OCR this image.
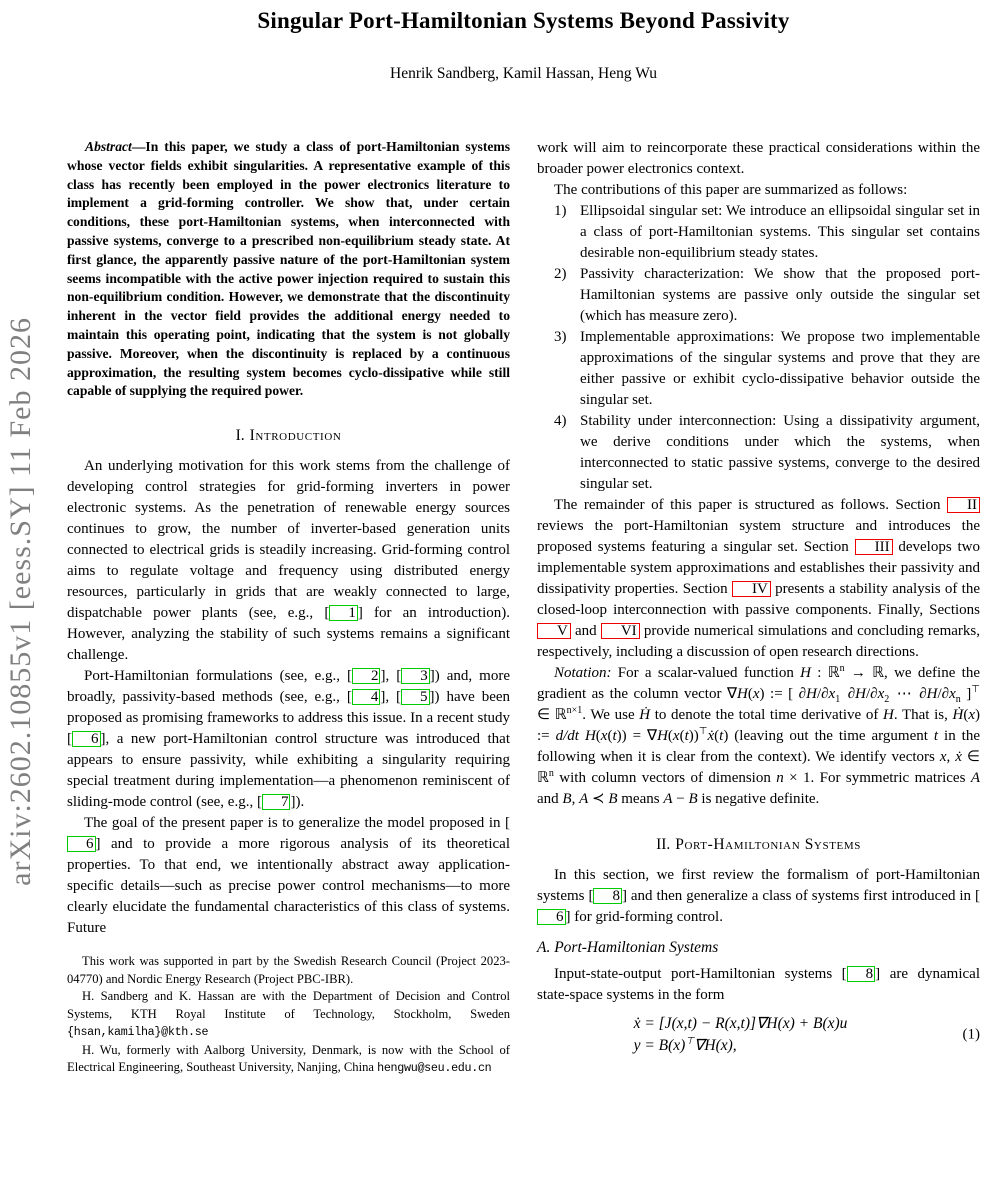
arXiv:2602.10855v1 [eess.SY] 11 Feb 2026
Singular Port-Hamiltonian Systems Beyond Passivity
Henrik Sandberg, Kamil Hassan, Heng Wu

Abstract—In this paper, we study a class of port-Hamiltonian systems whose vector fields exhibit singularities. A representative example of this class has recently been employed in the power electronics literature to implement a grid-forming controller. We show that, under certain conditions, these port-Hamiltonian systems, when interconnected with passive systems, converge to a prescribed non-equilibrium steady state. At first glance, the apparently passive nature of the port-Hamiltonian system seems incompatible with the active power injection required to sustain this non-equilibrium condition. However, we demonstrate that the discontinuity inherent in the vector field provides the additional energy needed to maintain this operating point, indicating that the system is not globally passive. Moreover, when the discontinuity is replaced by a continuous approximation, the resulting system becomes cyclo-dissipative while still capable of supplying the required power.

I. Introduction

An underlying motivation for this work stems from the challenge of developing control strategies for grid-forming inverters in power electronic systems. As the penetration of renewable energy sources continues to grow, the number of inverter-based generation units connected to electrical grids is steadily increasing. Grid-forming control aims to regulate voltage and frequency using distributed energy resources, particularly in grids that are weakly connected to large, dispatchable power plants (see, e.g., [ 1 ] for an introduction). However, analyzing the stability of such systems remains a significant challenge.

Port-Hamiltonian formulations (see, e.g., [ 2 ], [ 3 ]) and, more broadly, passivity-based methods (see, e.g., [ 4 ], [ 5 ]) have been proposed as promising frameworks to address this issue. In a recent study [ 6 ], a new port-Hamiltonian control structure was introduced that appears to ensure passivity, while exhibiting a singularity requiring special treatment during implementation—a phenomenon reminiscent of sliding-mode control (see, e.g., [ 7 ]).

The goal of the present paper is to generalize the model proposed in [6 ] and to provide a more rigorous analysis of its theoretical properties. To that end, we intentionally abstract away application-specific details—such as precise power control mechanisms—to more clearly elucidate the fundamental characteristics of this class of systems. Future

This work was supported in part by the Swedish Research Council (Project 2023-04770) and Nordic Energy Research (Project PBC-IBR).

H. Sandberg and K. Hassan are with the Department of Decision and Control Systems, KTH Royal Institute of Technology, Stockholm, Sweden {hsan,kamilha}@kth.se

H. Wu, formerly with Aalborg University, Denmark, is now with the School of Electrical Engineering, Southeast University, Nanjing, China hengwu@seu.edu.cn

work will aim to reincorporate these practical considerations within the broader power electronics context.

The contributions of this paper are summarized as follows:

1) Ellipsoidal singular set: We introduce an ellipsoidal singular set in a class of port-Hamiltonian systems. This singular set contains desirable non-equilibrium steady states.
2) Passivity characterization: We show that the proposed port-Hamiltonian systems are passive only outside the singular set (which has measure zero).
3) Implementable approximations: We propose two implementable approximations of the singular systems and prove that they are either passive or exhibit cyclo-dissipative behavior outside the singular set.
4) Stability under interconnection: Using a dissipativity argument, we derive conditions under which the systems, when interconnected to static passive systems, converge to the desired singular set.

The remainder of this paper is structured as follows. Section II reviews the port-Hamiltonian system structure and introduces the proposed systems featuring a singular set. Section III develops two implementable system approximations and establishes their passivity and dissipativity properties. Section IV presents a stability analysis of the closed-loop interconnection with passive components. Finally, Sections V and VI provide numerical simulations and concluding remarks, respectively, including a discussion of open research directions.

Notation: For a scalar-valued function H : ℝ$^n$ → ℝ, we define the gradient as the column vector ∇H(x) := [ $\partial H/\partial x_1$ $\partial H/\partial x_2$ ⋯ $\partial H/\partial x_n$ ]⊤ ∈ ℝ$^{n\times 1}$. We use Ḣ to denote the total time derivative of H. That is, Ḣ(x) := d/dt H(x(t)) = ∇H(x(t))⊤ẋ(t) (leaving out the time argument t in the following when it is clear from the context). We identify vectors x, ẋ ∈ ℝ$^n$ with column vectors of dimension n × 1. For symmetric matrices A and B, A ≺ B means A − B is negative definite.

II. Port-Hamiltonian Systems

In this section, we first review the formalism of port-Hamiltonian systems [ 8 ] and then generalize a class of systems first introduced in [6 ] for grid-forming control.

A. Port-Hamiltonian Systems

Input-state-output port-Hamiltonian systems [ 8 ] are dynamical state-space systems in the form

ẋ = [J(x,t) − R(x,t)]∇H(x) + B(x)u
y = B(x)⊤∇H(x),
(1)
